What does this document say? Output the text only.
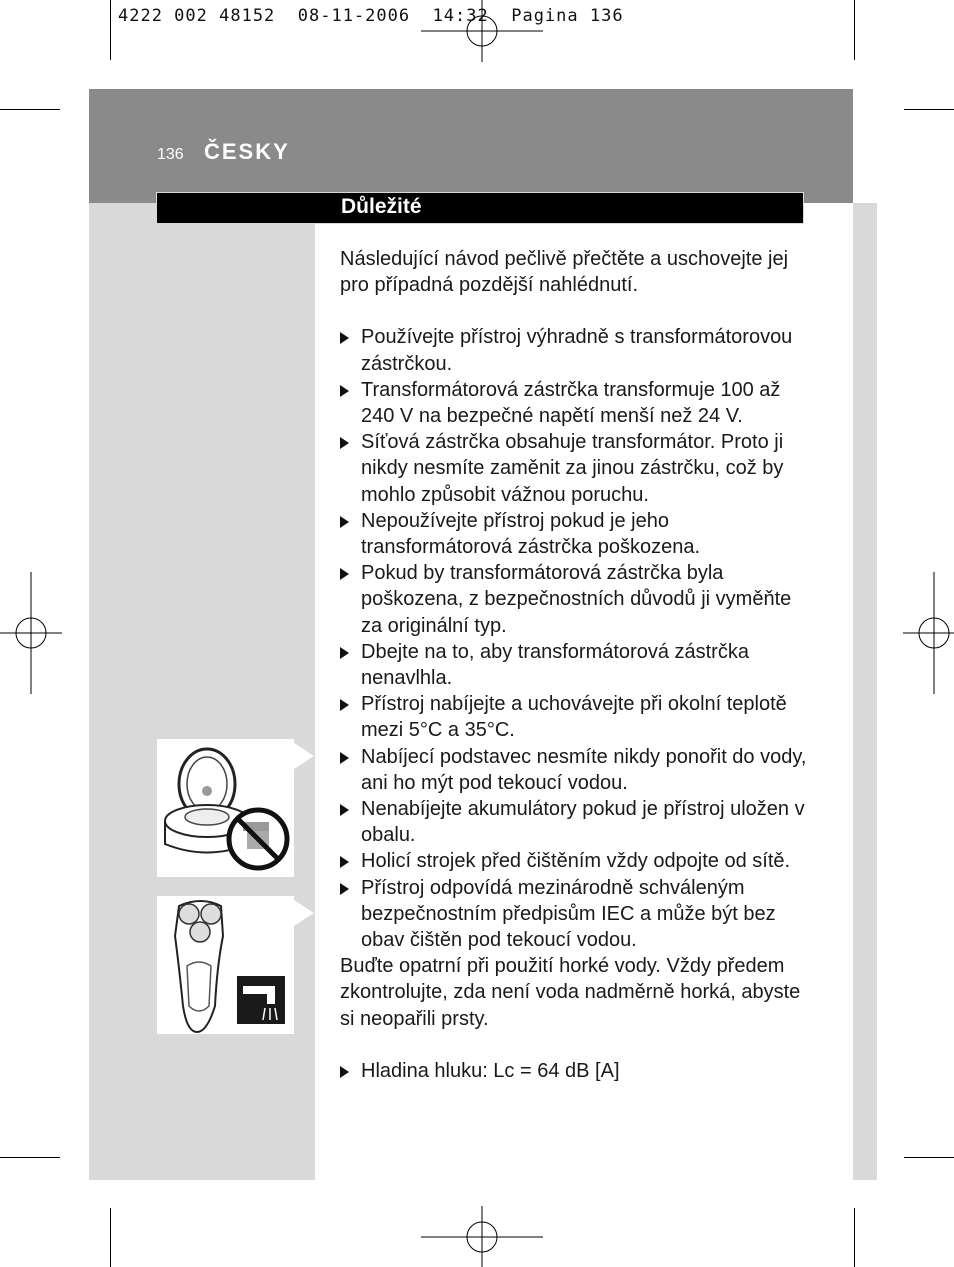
4222 002 48152  08-11-2006  14:32  Pagina 136
136 ČESKY
Důležité

Následující návod pečlivě přečtěte a uschovejte jej pro případná pozdější nahlédnutí.

Používejte přístroj výhradně s transformátorovou zástrčkou.
Transformátorová zástrčka transformuje 100 až 240 V na bezpečné napětí menší než 24 V.
Síťová zástrčka obsahuje transformátor. Proto ji nikdy nesmíte zaměnit za jinou zástrčku, což by mohlo způsobit vážnou poruchu.
Nepoužívejte přístroj pokud je jeho transformátorová zástrčka poškozena.
Pokud by transformátorová zástrčka byla poškozena, z bezpečnostních důvodů ji vyměňte za originální typ.
Dbejte na to, aby transformátorová zástrčka nenavlhla.
Přístroj nabíjejte a uchovávejte při okolní teplotě mezi 5°C a 35°C.
Nabíjecí podstavec nesmíte nikdy ponořit do vody, ani ho mýt pod tekoucí vodou.
Nenabíjejte akumulátory pokud je přístroj uložen v obalu.
Holicí strojek před čištěním vždy odpojte od sítě.
Přístroj odpovídá mezinárodně schváleným bezpečnostním předpisům IEC a může být bez obav čištěn pod tekoucí vodou.

Buďte opatrní při použití horké vody. Vždy předem zkontrolujte, zda není voda nadměrně horká, abyste si neopařili prsty.

Hladina hluku: Lc = 64 dB [A]
